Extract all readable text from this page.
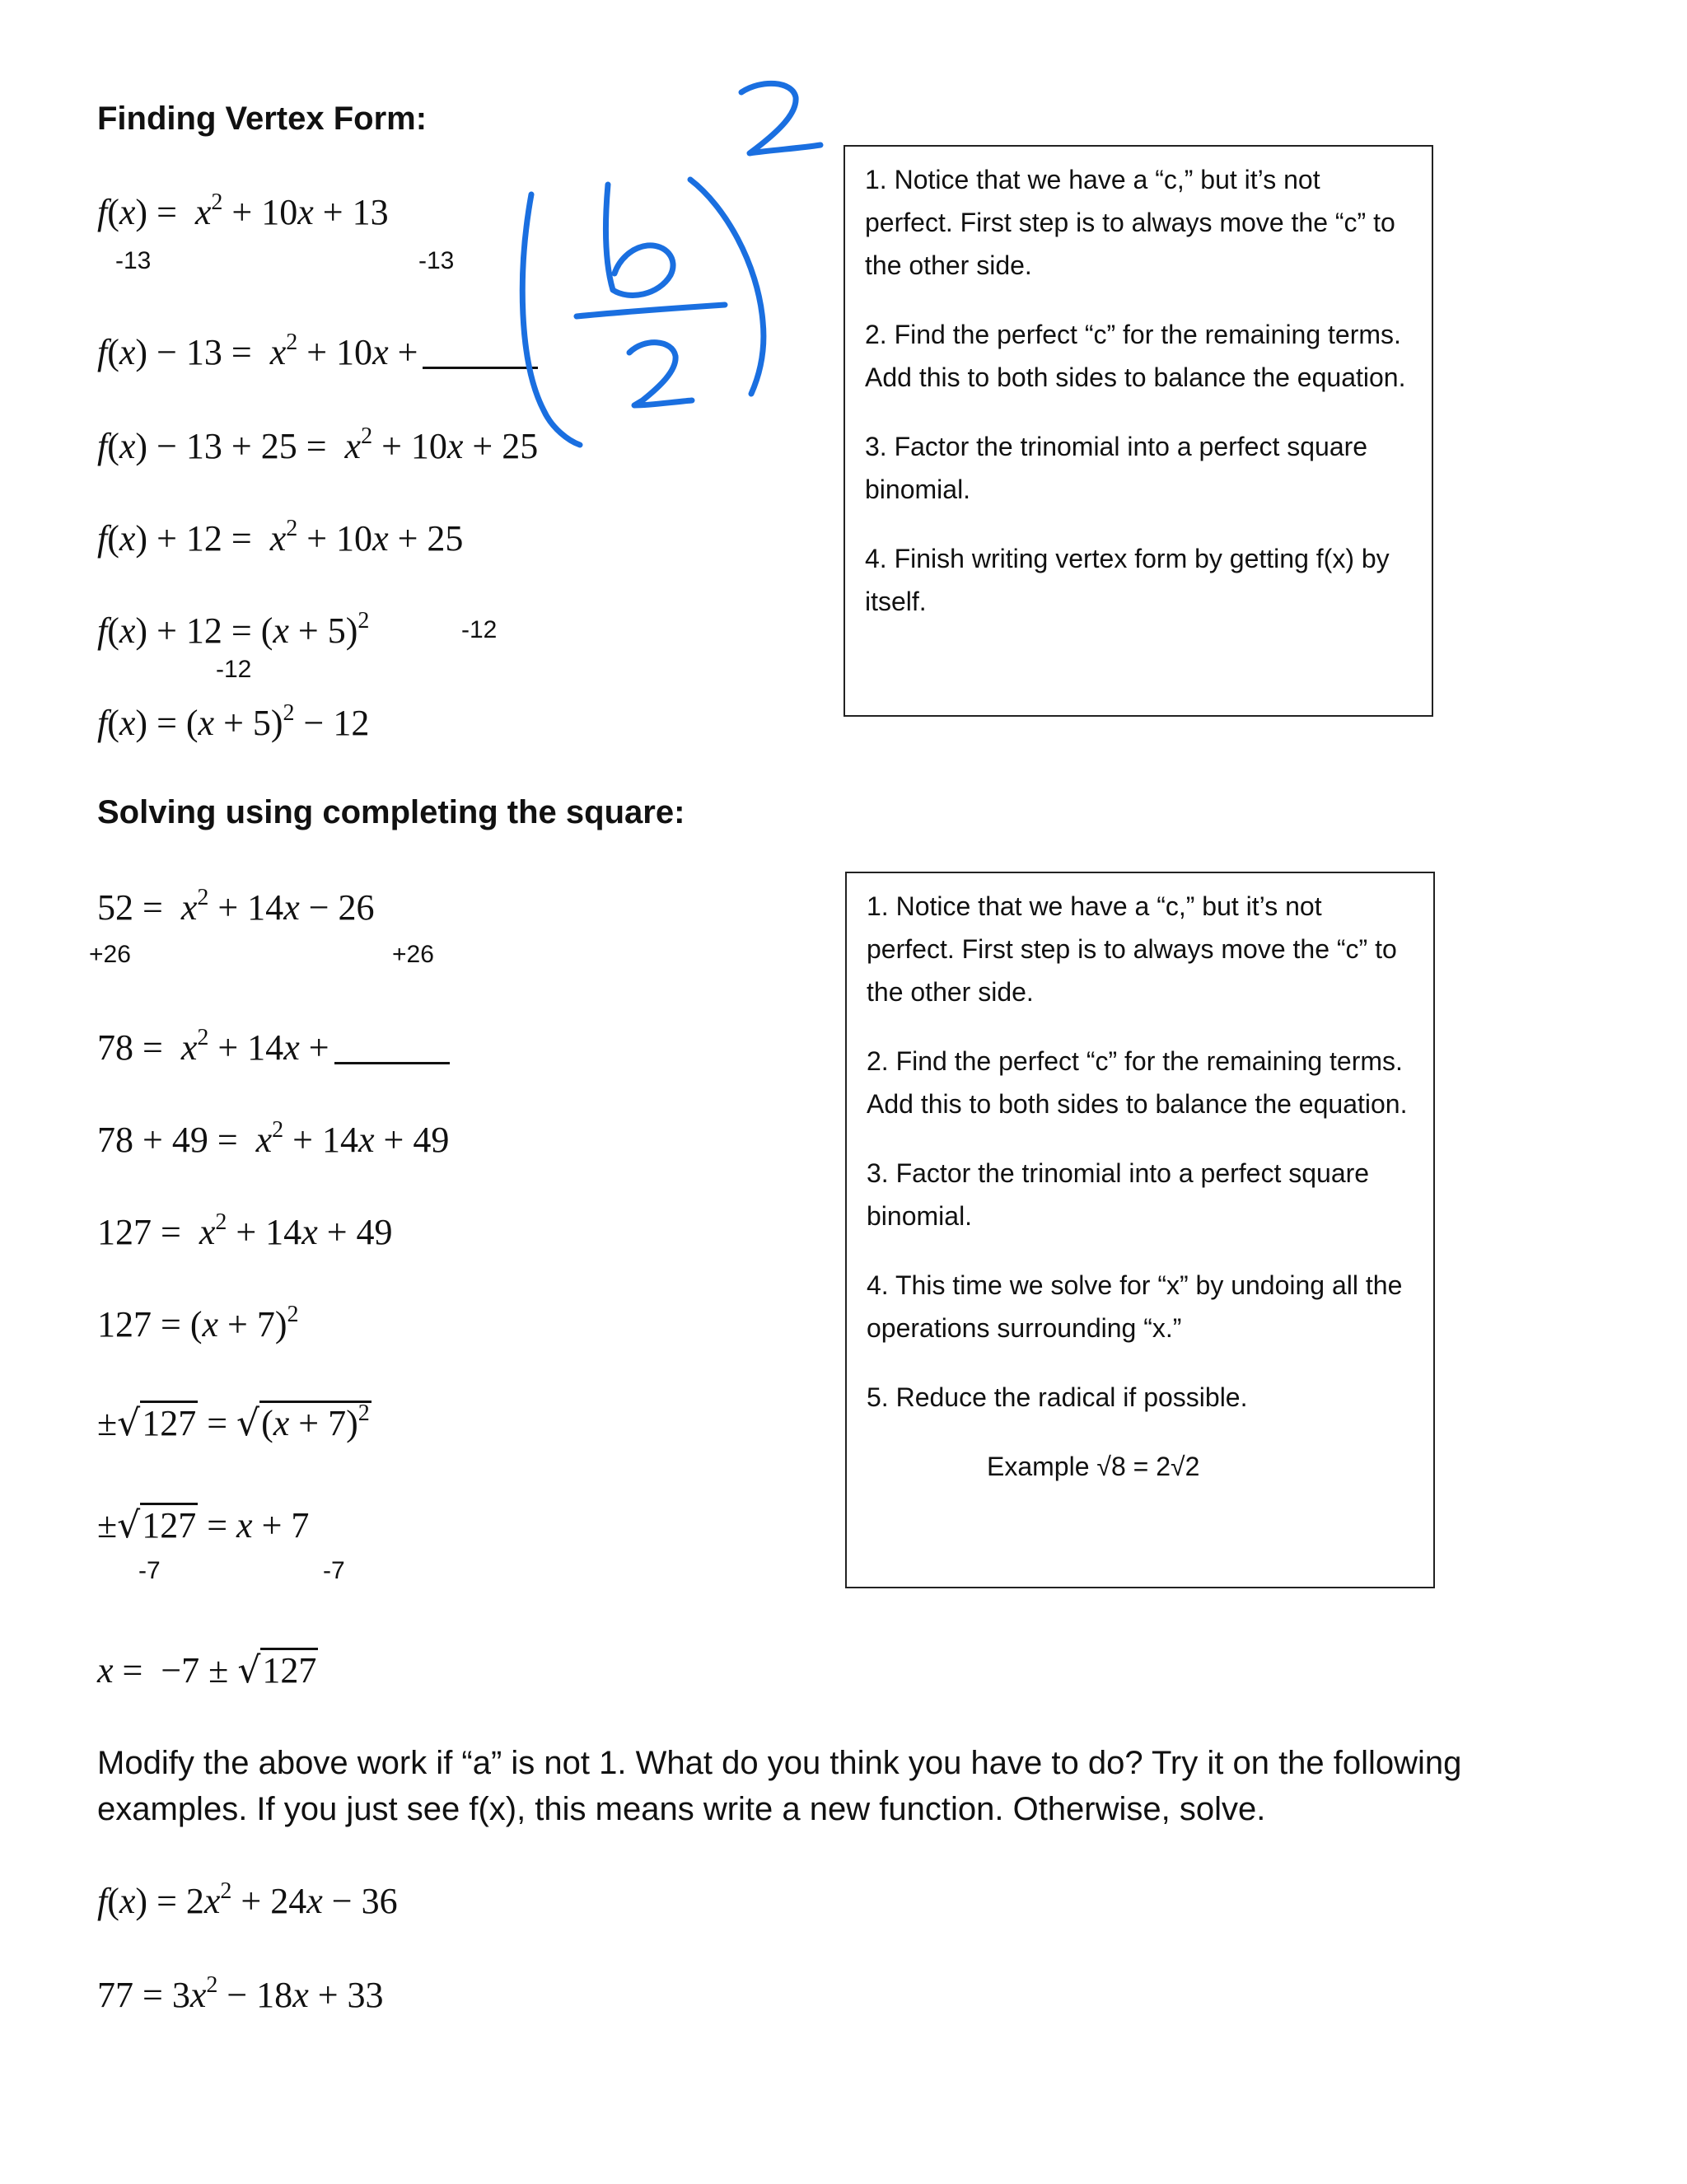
Finding Vertex Form:
$f(x) = x^2 + 10x + 13$
-13	-13
$f(x) - 13 = x^2 + 10x$ +
$f(x) - 13 + 25 = x^2 + 10x + 25$
$f(x) + 12 = x^2 + 10x + 25$
$f(x) + 12 = (x + 5)^2$	-12
-12
$f(x) = (x + 5)^2 - 12$

1. Notice that we have a “c,” but it’s not perfect. First step is to always move the “c” to the other side.

2. Find the perfect “c” for the remaining terms. Add this to both sides to balance the equation.

3. Factor the trinomial into a perfect square binomial.

4. Finish writing vertex form by getting f(x) by itself.

Solving using completing the square:
$52 = x^2 + 14x - 26$
+26	+26
$78 = x^2 + 14x$ +
$78 + 49 = x^2 + 14x + 49$
$127 = x^2 + 14x + 49$
$127 = (x + 7)^2$
$\pm√127 = √(x + 7)^2$
±√127 = x + 7
-7	-7
x =  −7 ± √127

1. Notice that we have a “c,” but it’s not perfect. First step is to always move the “c” to the other side.

2. Find the perfect “c” for the remaining terms. Add this to both sides to balance the equation.

3. Factor the trinomial into a perfect square binomial.

4. This time we solve for “x” by undoing all the operations surrounding “x.”

5. Reduce the radical if possible.

Example √8 = 2√2

Modify the above work if “a” is not 1. What do you think you have to do? Try it on the following examples. If you just see f(x), this means write a new function. Otherwise, solve.
$f(x) = 2x^2 + 24x - 36$
$77 = 3x^2 - 18x + 33$
